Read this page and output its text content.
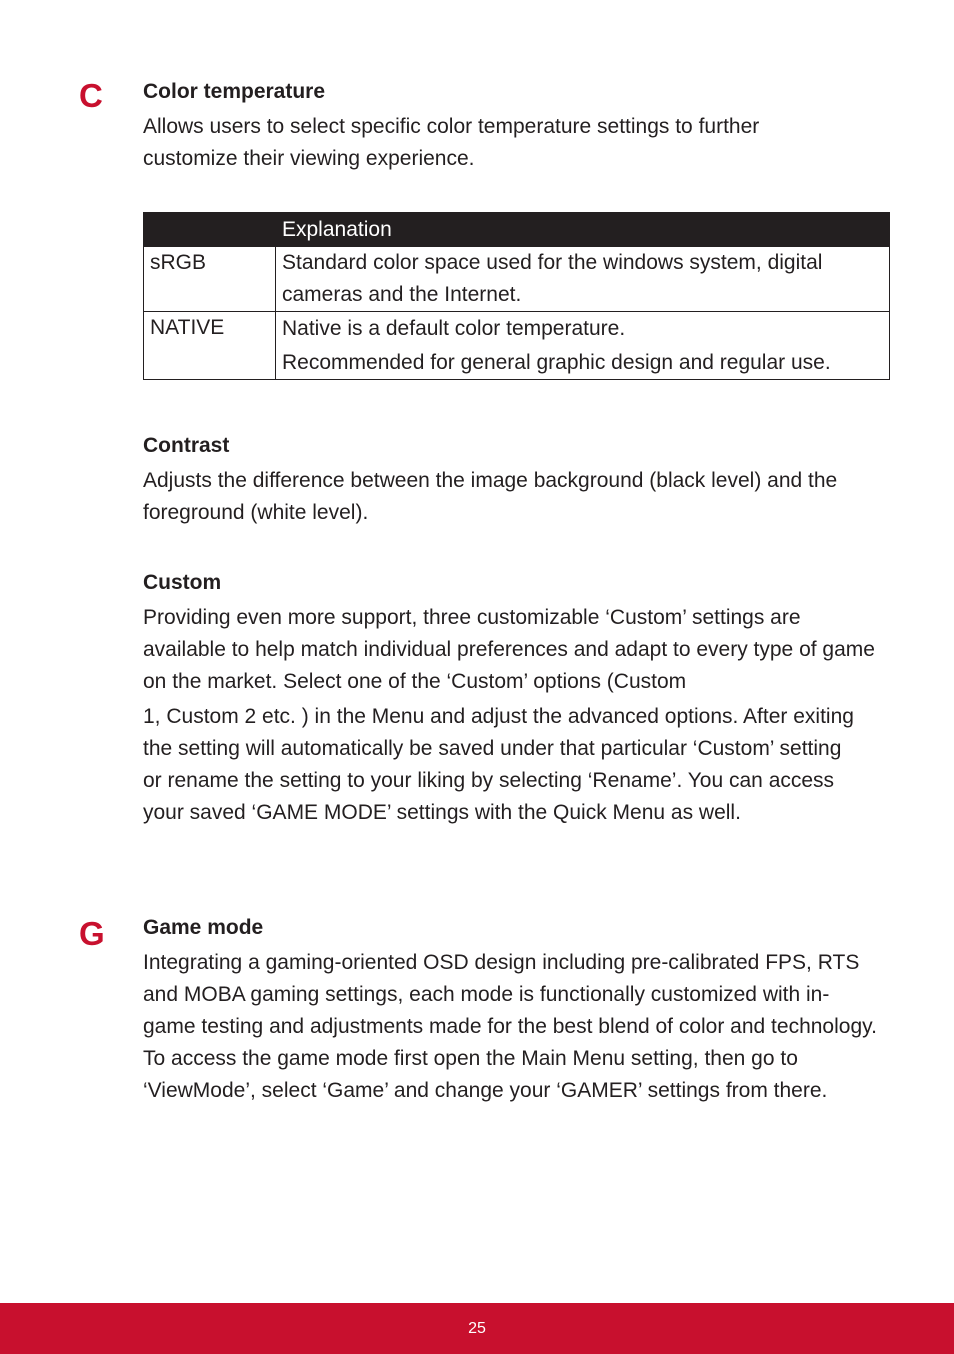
C Color temperature

Allows users to select specific color temperature settings to further customize their viewing experience.

	Explanation
sRGB	Standard color space used for the windows system, digital cameras and the Internet.
NATIVE	Native is a default color temperature.
Recommended for general graphic design and regular use.
Contrast

Adjusts the difference between the image background (black level) and the foreground (white level).

Custom

Providing even more support, three customizable ‘Custom’ settings are available to help match individual preferences and adapt to every type of game on the market. Select one of the ‘Custom’ options (Custom

1, Custom 2 etc. ) in the Menu and adjust the advanced options. After exiting the setting will automatically be saved under that particular ‘Custom’ setting or rename the setting to your liking by selecting ‘Rename’. You can access your saved ‘GAME MODE’ settings with the Quick Menu as well.

G Game mode

Integrating a gaming-oriented OSD design including pre-calibrated FPS, RTS and MOBA gaming settings, each mode is functionally customized with in-game testing and adjustments made for the best blend of color and technology. To access the game mode first open the Main Menu setting, then go to ‘ViewMode’, select ‘Game’ and change your ‘GAMER’ settings from there.

25
